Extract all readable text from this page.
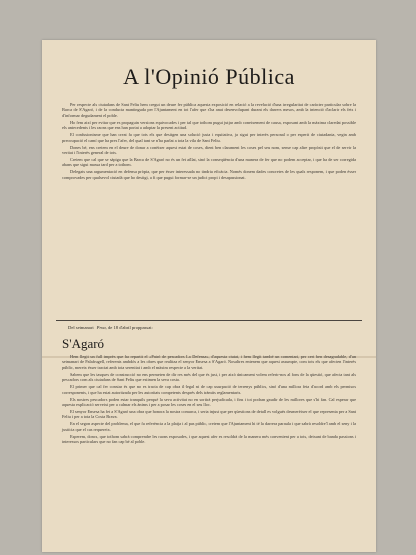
A l'Opinió Pública

Per respecte als ciutadans de Sant Feliu hem cregut un deure fer pública aquesta exposició en relació a la revelació d'una irregularitat de caràcter particular sobre la Barca de S'Agaró, i de la conducta mantinguda per l'Ajuntament en tot l'afer que s'ha anat desenvolupant durant els darrers mesos, amb la intenció d'aclarir els fets i d'informar degudament el poble.

Ho fem així per evitar que es propaguin versions equivocades i per tal que tothom pugui jutjar amb coneixement de causa, exposant amb la màxima claredat possible els antecedents i les raons que ens han portat a adoptar la present actitud.

El confusionisme que han creat fa que tots els que desitgen una solució justa i equitativa, ja sigui per interès personal o per esperit de ciutadania, vegin amb preocupació el camí que ha pres l'afer, del qual tant se n'ha parlat a tota la vila de Sant Feliu.

Dones bé, ens creiem en el deure de donar a conèixer aquest estat de coses, dient ben clarament les coses pel seu nom, sense cap altre propòsit que el de servir la veritat i l'interès general de tots.

Creiem que cal que se sàpiga que la Barca de S'Agaró no és un fet aïllat, sinó la conseqüència d'una manera de fer que no podem acceptar, i que ha de ser corregida abans que sigui massa tard per a tothom.

Delegats una argumentació en defensa pròpia, que per ésser interessada no tindria eficàcia. Només donem dades concretes de les quals responem, i que poden ésser comprovades per qualsevol ciutadà que ho desitgi, a fi que pugui formar-se un judici propi i desapassionat.

Del setmanari Proa, de 18 d'abril proppassat:
S'Agaró

Hem llegit un full imprès que ha repartit el «Patró de pescadors La Defensa», d'aquesta ciutat, i hem llegit també un comentari, per cert ben desagradable, d'un setmanari de Palafrugell, referents ambdós a les obres que realitza el senyor Ensesa a S'Agaró. Nosaltres entenem que aquest assumpte, com tots els que afecten l'interès públic, mereix ésser tractat amb tota serenitat i amb el màxim respecte a la veritat.

Sabem que les tasques de construcció no ens permeten de dir res més del que és just, i per això únicament volem referir-nos al fons de la qüestió, que afecta tant als pescadors com als ciutadans de Sant Feliu que estimen la seva costa.

El primer que cal fer constar és que no es tracta de cap obra il·legal ni de cap usurpació de terrenys públics, sinó d'una millora feta d'acord amb els permisos corresponents, i que ha estat autoritzada per les autoritats competents després dels tràmits reglamentaris.

Els nostres pescadors poden estar tranquils perquè la seva activitat no en sortirà perjudicada, i fins i tot podran gaudir de les millores que s'hi fan. Cal esperar que aquesta explicació serveixi per a calmar els ànims i per a posar les coses en el seu lloc.

El senyor Ensesa ha fet a S'Agaró una obra que honora la nostra comarca, i seria injust que per qüestions de detall es volgués desmerèixer el que representa per a Sant Feliu i per a tota la Costa Brava.

En el segon aspecte del problema, el que fa referència a la platja i al pas públic, creiem que l'Ajuntament hi té la darrera paraula i que sabrà resoldre'l amb el seny i la justícia que el cas requereix.

Esperem, doncs, que tothom sabrà comprendre les raons exposades, i que aquest afer es resoldrà de la manera més convenient per a tots, deixant de banda passions i interessos particulars que no fan cap bé al poble.
